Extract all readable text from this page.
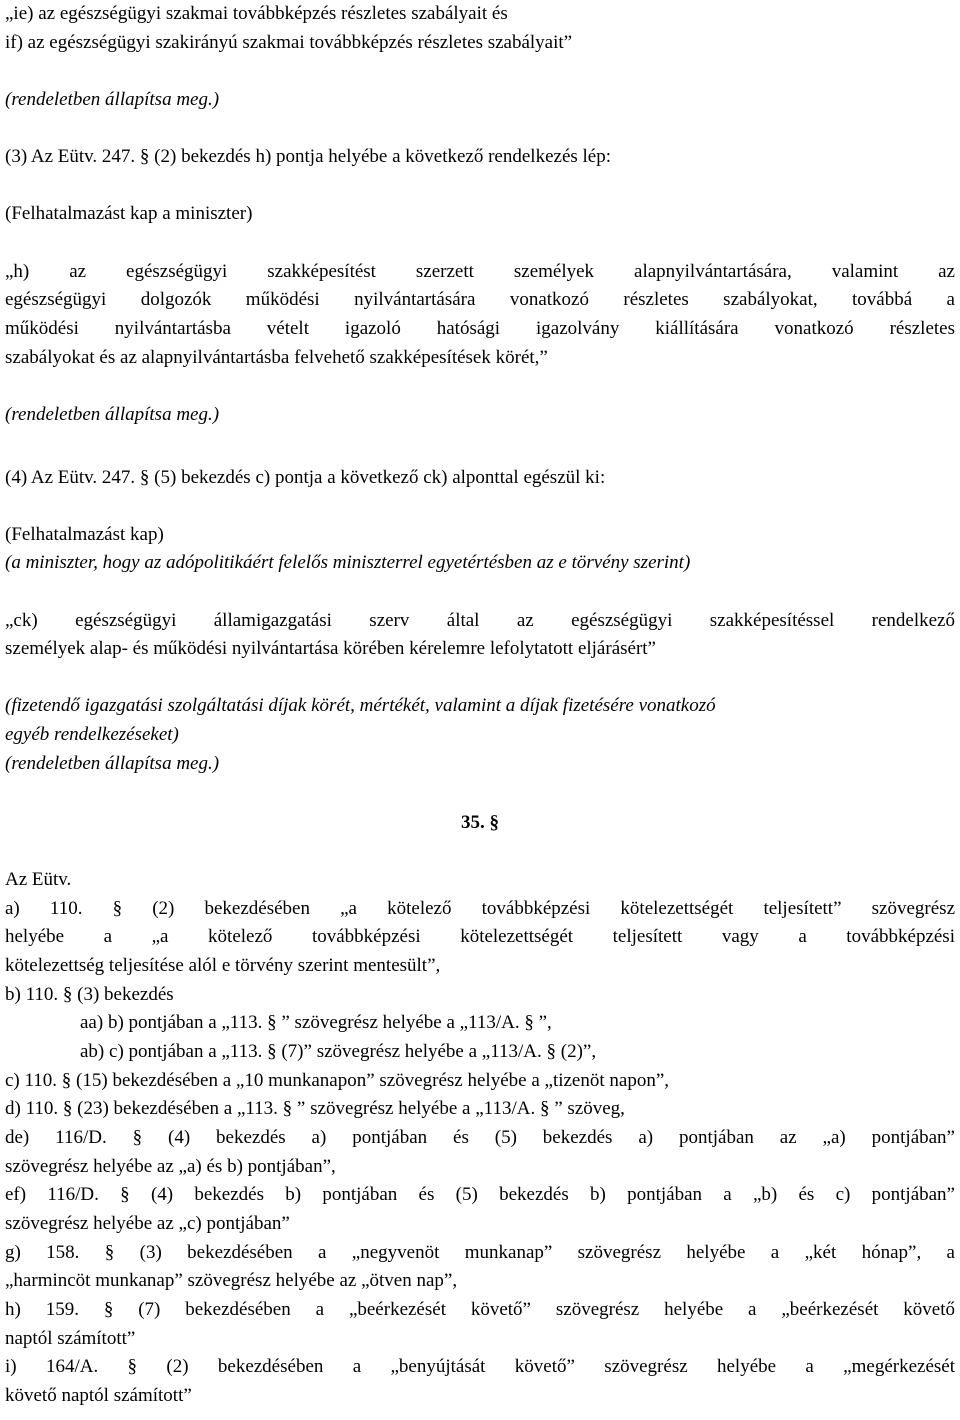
„ie) az egészségügyi szakmai továbbképzés részletes szabályait és
if) az egészségügyi szakirányú szakmai továbbképzés részletes szabályait”
(rendeletben állapítsa meg.)
(3) Az Eütv. 247. § (2) bekezdés h) pontja helyébe a következő rendelkezés lép:
(Felhatalmazást kap a miniszter)
„h) az egészségügyi szakképesítést szerzett személyek alapnyilvántartására, valamint az
egészségügyi dolgozók működési nyilvántartására vonatkozó részletes szabályokat, továbbá a
működési nyilvántartásba vételt igazoló hatósági igazolvány kiállítására vonatkozó részletes
szabályokat és az alapnyilvántartásba felvehető szakképesítések körét,”
(rendeletben állapítsa meg.)
(4) Az Eütv. 247. § (5) bekezdés c) pontja a következő ck) alponttal egészül ki:
(Felhatalmazást kap)
(a miniszter, hogy az adópolitikáért felelős miniszterrel egyetértésben az e törvény szerint)
„ck) egészségügyi államigazgatási szerv által az egészségügyi szakképesítéssel rendelkező
személyek alap- és működési nyilvántartása körében kérelemre lefolytatott eljárásért”
(fizetendő igazgatási szolgáltatási díjak körét, mértékét, valamint a díjak fizetésére vonatkozó
egyéb rendelkezéseket)
(rendeletben állapítsa meg.)
35. §
Az Eütv.
a) 110. § (2) bekezdésében „a kötelező továbbképzési kötelezettségét teljesített” szövegrész
helyébe a „a kötelező továbbképzési kötelezettségét teljesített vagy a továbbképzési
kötelezettség teljesítése alól e törvény szerint mentesült”,
b) 110. § (3) bekezdés
aa) b) pontjában a „113. § ” szövegrész helyébe a „113/A. § ”,
ab) c) pontjában a „113. § (7)” szövegrész helyébe a „113/A. § (2)”,
c) 110. § (15) bekezdésében a „10 munkanapon” szövegrész helyébe a „tizenöt napon”,
d) 110. § (23) bekezdésében a „113. § ” szövegrész helyébe a „113/A. § ” szöveg,
de) 116/D. § (4) bekezdés a) pontjában és (5) bekezdés a) pontjában az „a) pontjában”
szövegrész helyébe az „a) és b) pontjában”,
ef) 116/D. § (4) bekezdés b) pontjában és (5) bekezdés b) pontjában a „b) és c) pontjában”
szövegrész helyébe az „c) pontjában”
g) 158. § (3) bekezdésében a „negyvenöt munkanap” szövegrész helyébe a „két hónap”, a
„harmincöt munkanap” szövegrész helyébe az „ötven nap”,
h) 159. § (7) bekezdésében a „beérkezését követő” szövegrész helyébe a „beérkezését követő
naptól számított”
i) 164/A. § (2) bekezdésében a „benyújtását követő” szövegrész helyébe a „megérkezését
követő naptól számított”
